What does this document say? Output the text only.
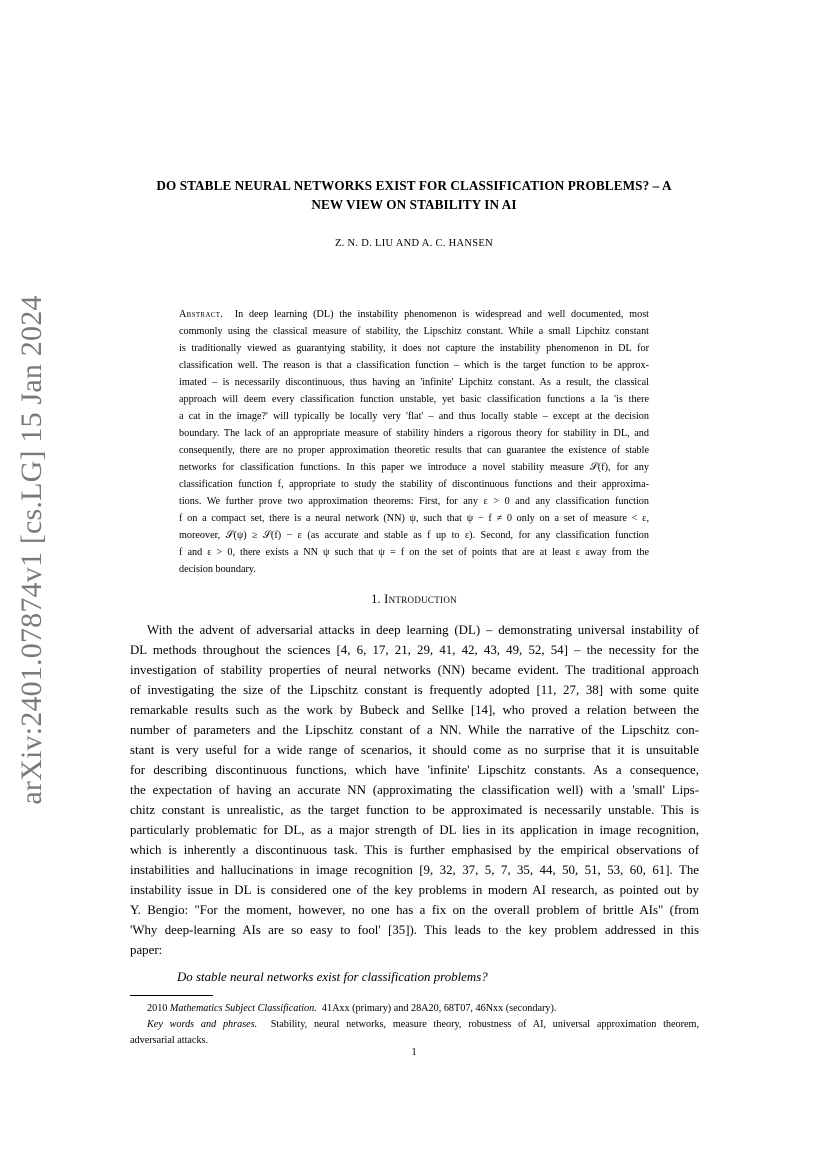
arXiv:2401.07874v1 [cs.LG] 15 Jan 2024
DO STABLE NEURAL NETWORKS EXIST FOR CLASSIFICATION PROBLEMS? – A
NEW VIEW ON STABILITY IN AI
Z. N. D. LIU AND A. C. HANSEN
Abstract. In deep learning (DL) the instability phenomenon is widespread and well documented, most
commonly using the classical measure of stability, the Lipschitz constant. While a small Lipchitz constant
is traditionally viewed as guarantying stability, it does not capture the instability phenomenon in DL for
classification well. The reason is that a classification function – which is the target function to be approx-
imated – is necessarily discontinuous, thus having an 'infinite' Lipchitz constant. As a result, the classical
approach will deem every classification function unstable, yet basic classification functions a la 'is there
a cat in the image?' will typically be locally very 'flat' – and thus locally stable – except at the decision
boundary. The lack of an appropriate measure of stability hinders a rigorous theory for stability in DL, and
consequently, there are no proper approximation theoretic results that can guarantee the existence of stable
networks for classification functions. In this paper we introduce a novel stability measure 𝒮(f), for any
classification function f, appropriate to study the stability of discontinuous functions and their approxima-
tions. We further prove two approximation theorems: First, for any ε > 0 and any classification function
f on a compact set, there is a neural network (NN) ψ, such that ψ − f ≠ 0 only on a set of measure < ε,
moreover, 𝒮(ψ) ≥ 𝒮(f) − ε (as accurate and stable as f up to ε). Second, for any classification function
f and ε > 0, there exists a NN ψ such that ψ = f on the set of points that are at least ε away from the
decision boundary.
1. Introduction
With the advent of adversarial attacks in deep learning (DL) – demonstrating universal instability of
DL methods throughout the sciences [4, 6, 17, 21, 29, 41, 42, 43, 49, 52, 54] – the necessity for the
investigation of stability properties of neural networks (NN) became evident. The traditional approach
of investigating the size of the Lipschitz constant is frequently adopted [11, 27, 38] with some quite
remarkable results such as the work by Bubeck and Sellke [14], who proved a relation between the
number of parameters and the Lipschitz constant of a NN. While the narrative of the Lipschitz con-
stant is very useful for a wide range of scenarios, it should come as no surprise that it is unsuitable
for describing discontinuous functions, which have 'infinite' Lipschitz constants. As a consequence,
the expectation of having an accurate NN (approximating the classification well) with a 'small' Lips-
chitz constant is unrealistic, as the target function to be approximated is necessarily unstable. This is
particularly problematic for DL, as a major strength of DL lies in its application in image recognition,
which is inherently a discontinuous task. This is further emphasised by the empirical observations of
instabilities and hallucinations in image recognition [9, 32, 37, 5, 7, 35, 44, 50, 51, 53, 60, 61]. The
instability issue in DL is considered one of the key problems in modern AI research, as pointed out by
Y. Bengio: "For the moment, however, no one has a fix on the overall problem of brittle AIs" (from
'Why deep-learning AIs are so easy to fool' [35]). This leads to the key problem addressed in this
paper:
Do stable neural networks exist for classification problems?
2010 Mathematics Subject Classification. 41Axx (primary) and 28A20, 68T07, 46Nxx (secondary).
Key words and phrases. Stability, neural networks, measure theory, robustness of AI, universal approximation theorem,
adversarial attacks.
1
